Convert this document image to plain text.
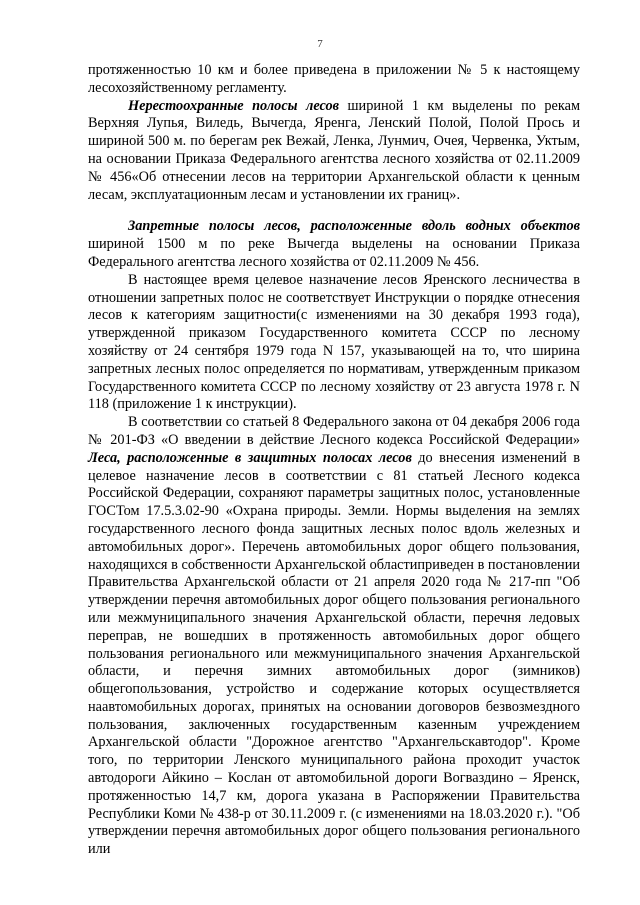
7

протяженностью 10 км и более приведена в приложении № 5 к настоящему лесохозяйственному регламенту.

Нерестоохранные полосы лесов шириной 1 км выделены по рекам Верхняя Лупья, Виледь, Вычегда, Яренга, Ленский Полой, Полой Прось и шириной 500 м. по берегам рек Вежай, Ленка, Лунмич, Очея, Червенка, Уктым, на основании Приказа Федерального агентства лесного хозяйства от 02.11.2009 № 456«Об отнесении лесов на территории Архангельской области к ценным лесам, эксплуатационным лесам и установлении их границ».

Запретные полосы лесов, расположенные вдоль водных объектов шириной 1500 м по реке Вычегда выделены на основании Приказа Федерального агентства лесного хозяйства от 02.11.2009 № 456.

В настоящее время целевое назначение лесов Яренского лесничества в отношении запретных полос не соответствует Инструкции о порядке отнесения лесов к категориям защитности(с изменениями на 30 декабря 1993 года), утвержденной приказом Государственного комитета СССР по лесному хозяйству от 24 сентября 1979 года N 157, указывающей на то, что ширина запретных лесных полос определяется по нормативам, утвержденным приказом Государственного комитета СССР по лесному хозяйству от 23 августа 1978 г. N 118 (приложение 1 к инструкции).

В соответствии со статьей 8 Федерального закона от 04 декабря 2006 года № 201-ФЗ «О введении в действие Лесного кодекса Российской Федерации» Леса, расположенные в защитных полосах лесов до внесения изменений в целевое назначение лесов в соответствии с 81 статьей Лесного кодекса Российской Федерации, сохраняют параметры защитных полос, установленные ГОСТом 17.5.3.02-90 «Охрана природы. Земли. Нормы выделения на землях государственного лесного фонда защитных лесных полос вдоль железных и автомобильных дорог». Перечень автомобильных дорог общего пользования, находящихся в собственности Архангельской областиприведен в постановлении Правительства Архангельской области от 21 апреля 2020 года № 217-пп "Об утверждении перечня автомобильных дорог общего пользования регионального или межмуниципального значения Архангельской области, перечня ледовых переправ, не вошедших в протяженность автомобильных дорог общего пользования регионального или межмуниципального значения Архангельской области, и перечня зимних автомобильных дорог (зимников) общегопользования, устройство и содержание которых осуществляется наавтомобильных дорогах, принятых на основании договоров безвозмездного пользования, заключенных государственным казенным учреждением Архангельской области "Дорожное агентство "Архангельскавтодор". Кроме того, по территории Ленского муниципального района проходит участок автодороги Айкино – Кослан от автомобильной дороги Вогваздино – Яренск, протяженностью 14,7 км, дорога указана в Распоряжении Правительства Республики Коми № 438-р от 30.11.2009 г. (с изменениями на 18.03.2020 г.). "Об утверждении перечня автомобильных дорог общего пользования регионального или
